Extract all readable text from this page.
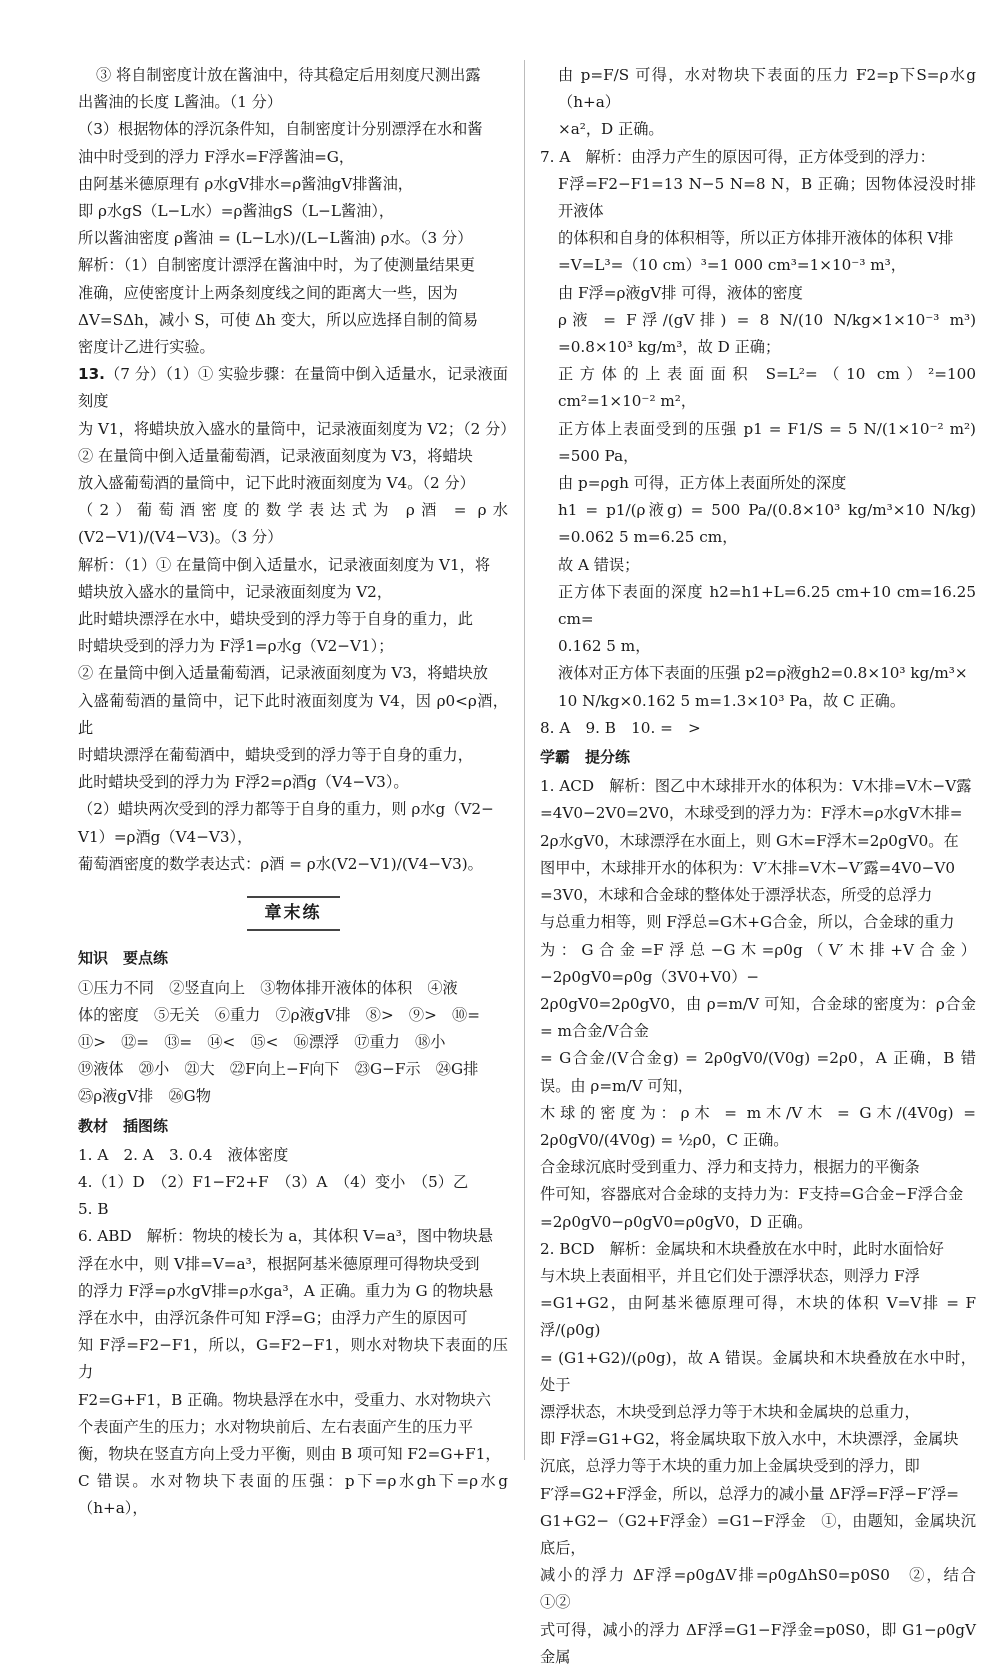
③ 将自制密度计放在酱油中，待其稳定后用刻度尺测出露

出酱油的长度 L酱油。（1 分）

（3）根据物体的浮沉条件知，自制密度计分别漂浮在水和酱

油中时受到的浮力 F浮水=F浮酱油=G，

由阿基米德原理有 ρ水gV排水=ρ酱油gV排酱油，

即 ρ水gS（L−L水）=ρ酱油gS（L−L酱油），

所以酱油密度 ρ酱油 = (L−L水)/(L−L酱油) ρ水。（3 分）

解析：（1）自制密度计漂浮在酱油中时，为了使测量结果更

准确，应使密度计上两条刻度线之间的距离大一些，因为

ΔV=SΔh，减小 S，可使 Δh 变大，所以应选择自制的简易

密度计乙进行实验。

13.（7 分）（1）① 实验步骤：在量筒中倒入适量水，记录液面刻度

为 V1，将蜡块放入盛水的量筒中，记录液面刻度为 V2；（2 分）

② 在量筒中倒入适量葡萄酒，记录液面刻度为 V3，将蜡块

放入盛葡萄酒的量筒中，记下此时液面刻度为 V4。（2 分）

（2）葡萄酒密度的数学表达式为 ρ酒 = ρ水(V2−V1)/(V4−V3)。（3 分）

解析：（1）① 在量筒中倒入适量水，记录液面刻度为 V1，将

蜡块放入盛水的量筒中，记录液面刻度为 V2，

此时蜡块漂浮在水中，蜡块受到的浮力等于自身的重力，此

时蜡块受到的浮力为 F浮1=ρ水g（V2−V1）；

② 在量筒中倒入适量葡萄酒，记录液面刻度为 V3，将蜡块放

入盛葡萄酒的量筒中，记下此时液面刻度为 V4，因 ρ0<ρ酒，此

时蜡块漂浮在葡萄酒中，蜡块受到的浮力等于自身的重力，

此时蜡块受到的浮力为 F浮2=ρ酒g（V4−V3）。

（2）蜡块两次受到的浮力都等于自身的重力，则 ρ水g（V2−

V1）=ρ酒g（V4−V3），

葡萄酒密度的数学表达式：ρ酒 = ρ水(V2−V1)/(V4−V3)。

章末练

知识　要点练

①压力不同　②竖直向上　③物体排开液体的体积　④液

体的密度　⑤无关　⑥重力　⑦ρ液gV排　⑧>　⑨>　⑩=

⑪>　⑫=　⑬=　⑭<　⑮<　⑯漂浮　⑰重力　⑱小

⑲液体　⑳小　㉑大　㉒F向上−F向下　㉓G−F示　㉔G排

㉕ρ液gV排　㉖G物

教材　插图练

1. A　2. A　3. 0.4　液体密度

4.（1）D　（2）F1−F2+F　（3）A　（4）变小　（5）乙

5. B

6. ABD　解析：物块的棱长为 a，其体积 V=a³，图中物块悬

浮在水中，则 V排=V=a³，根据阿基米德原理可得物块受到

的浮力 F浮=ρ水gV排=ρ水ga³，A 正确。重力为 G 的物块悬

浮在水中，由浮沉条件可知 F浮=G；由浮力产生的原因可

知 F浮=F2−F1，所以，G=F2−F1，则水对物块下表面的压力

F2=G+F1，B 正确。物块悬浮在水中，受重力、水对物块六

个表面产生的压力；水对物块前后、左右表面产生的压力平

衡，物块在竖直方向上受力平衡，则由 B 项可知 F2=G+F1，

C 错误。水对物块下表面的压强：p下=ρ水gh下=ρ水g（h+a），

由 p=F/S 可得，水对物块下表面的压力 F2=p下S=ρ水g（h+a）

×a²，D 正确。

7. A　解析：由浮力产生的原因可得，正方体受到的浮力：

F浮=F2−F1=13 N−5 N=8 N，B 正确；因物体浸没时排开液体

的体积和自身的体积相等，所以正方体排开液体的体积 V排

=V=L³=（10 cm）³=1 000 cm³=1×10⁻³ m³，

由 F浮=ρ液gV排 可得，液体的密度

ρ液 = F浮/(gV排) = 8 N/(10 N/kg×1×10⁻³ m³) =0.8×10³ kg/m³，故 D 正确；

正方体的上表面面积 S=L²=（10 cm）²=100 cm²=1×10⁻² m²，

正方体上表面受到的压强 p1 = F1/S = 5 N/(1×10⁻² m²) =500 Pa，

由 p=ρgh 可得，正方体上表面所处的深度

h1 = p1/(ρ液g) = 500 Pa/(0.8×10³ kg/m³×10 N/kg) =0.062 5 m=6.25 cm，

故 A 错误；

正方体下表面的深度 h2=h1+L=6.25 cm+10 cm=16.25 cm=

0.162 5 m，

液体对正方体下表面的压强 p2=ρ液gh2=0.8×10³ kg/m³×

10 N/kg×0.162 5 m=1.3×10³ Pa，故 C 正确。

8. A　9. B　10. =　>

学霸　提分练

1. ACD　解析：图乙中木球排开水的体积为：V木排=V木−V露

=4V0−2V0=2V0，木球受到的浮力为：F浮木=ρ水gV木排=

2ρ水gV0，木球漂浮在水面上，则 G木=F浮木=2ρ0gV0。在

图甲中，木球排开水的体积为：V′木排=V木−V′露=4V0−V0

=3V0，木球和合金球的整体处于漂浮状态，所受的总浮力

与总重力相等，则 F浮总=G木+G合金，所以，合金球的重力

为：G合金=F浮总−G木=ρ0g（V′木排+V合金）−2ρ0gV0=ρ0g（3V0+V0）−

2ρ0gV0=2ρ0gV0，由 ρ=m/V 可知，合金球的密度为：ρ合金 = m合金/V合金

= G合金/(V合金g) = 2ρ0gV0/(V0g) =2ρ0，A 正确，B 错误。由 ρ=m/V 可知，

木球的密度为：ρ木 = m木/V木 = G木/(4V0g) = 2ρ0gV0/(4V0g) = ½ρ0，C 正确。

合金球沉底时受到重力、浮力和支持力，根据力的平衡条

件可知，容器底对合金球的支持力为：F支持=G合金−F浮合金

=2ρ0gV0−ρ0gV0=ρ0gV0，D 正确。

2. BCD　解析：金属块和木块叠放在水中时，此时水面恰好

与木块上表面相平，并且它们处于漂浮状态，则浮力 F浮

=G1+G2，由阿基米德原理可得，木块的体积 V=V排 = F浮/(ρ0g)

= (G1+G2)/(ρ0g)，故 A 错误。金属块和木块叠放在水中时，处于

漂浮状态，木块受到总浮力等于木块和金属块的总重力，

即 F浮=G1+G2，将金属块取下放入水中，木块漂浮，金属块

沉底，总浮力等于木块的重力加上金属块受到的浮力，即

F′浮=G2+F浮金，所以，总浮力的减小量 ΔF浮=F浮−F′浮=

G1+G2−（G2+F浮金）=G1−F浮金　①，由题知，金属块沉底后，

减小的浮力 ΔF浮=ρ0gΔV排=ρ0gΔhS0=p0S0　②，结合 ①②

式可得，减小的浮力 ΔF浮=G1−F浮金=p0S0，即 G1−ρ0gV金属
